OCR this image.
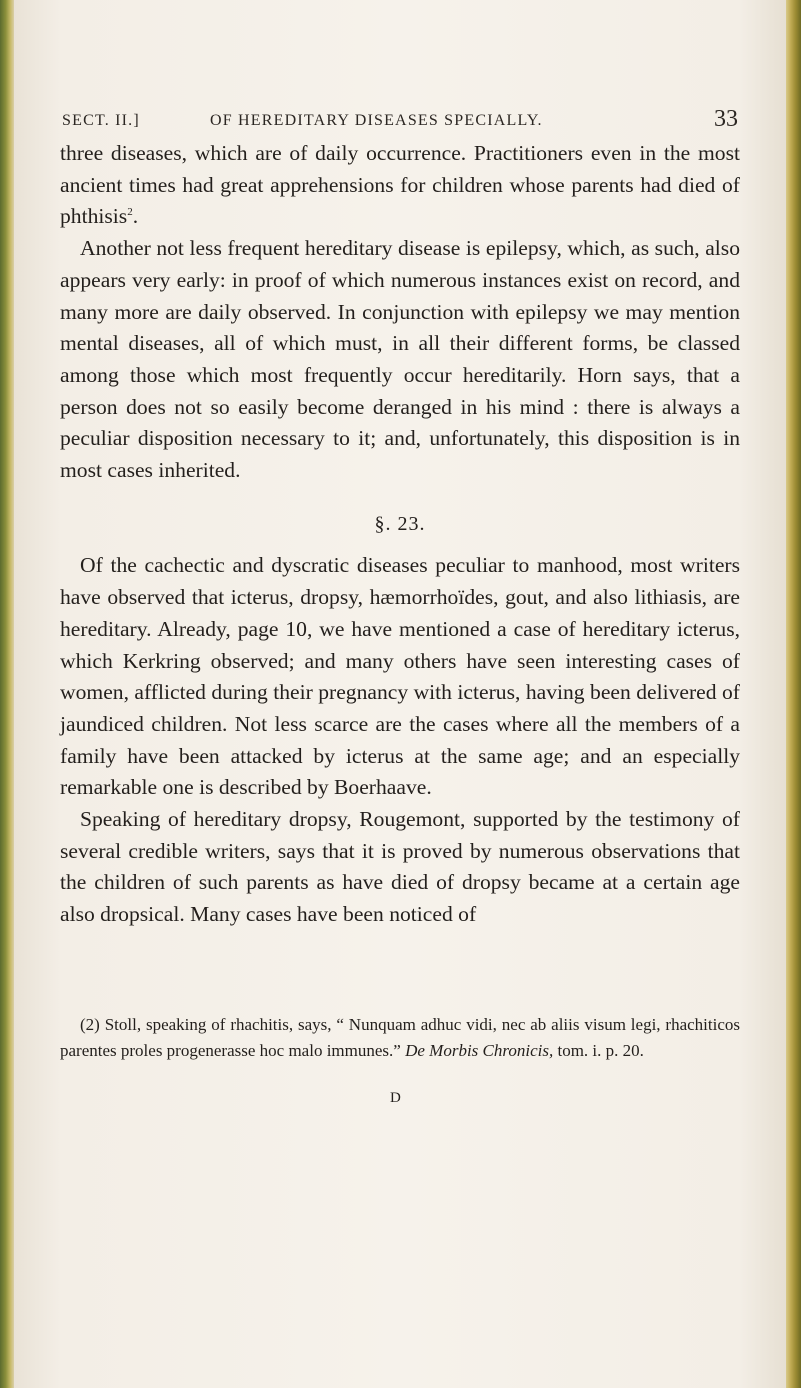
SECT. II.]	OF HEREDITARY DISEASES SPECIALLY.	33

three diseases, which are of daily occurrence. Practitioners even in the most ancient times had great apprehensions for children whose parents had died of phthisis$^2$.

Another not less frequent hereditary disease is epilepsy, which, as such, also appears very early: in proof of which numerous instances exist on record, and many more are daily observed. In conjunction with epilepsy we may mention mental diseases, all of which must, in all their different forms, be classed among those which most frequently occur hereditarily. Horn says, that a person does not so easily become deranged in his mind : there is always a peculiar disposition necessary to it; and, unfortunately, this disposition is in most cases inherited.

§. 23.

Of the cachectic and dyscratic diseases peculiar to manhood, most writers have observed that icterus, dropsy, hæmorrhoïdes, gout, and also lithiasis, are hereditary. Already, page 10, we have mentioned a case of hereditary icterus, which Kerkring observed; and many others have seen interesting cases of women, afflicted during their pregnancy with icterus, having been delivered of jaundiced children. Not less scarce are the cases where all the members of a family have been attacked by icterus at the same age; and an especially remarkable one is described by Boerhaave.

Speaking of hereditary dropsy, Rougemont, supported by the testimony of several credible writers, says that it is proved by numerous observations that the children of such parents as have died of dropsy became at a certain age also dropsical. Many cases have been noticed of

(2) Stoll, speaking of rhachitis, says, “ Nunquam adhuc vidi, nec ab aliis visum legi, rhachiticos parentes proles progenerasse hoc malo immunes.” De Morbis Chronicis, tom. i. p. 20.

D
